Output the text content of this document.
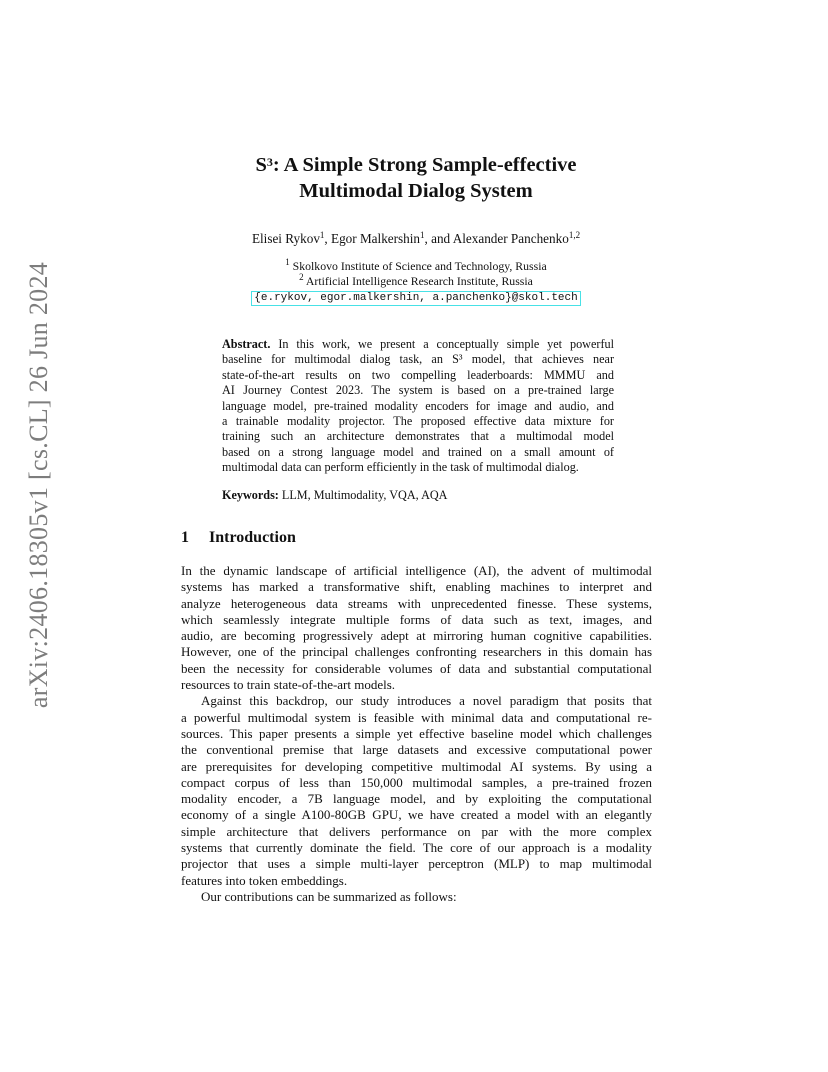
arXiv:2406.18305v1 [cs.CL] 26 Jun 2024
$S^3$: A Simple Strong Sample-effective
Multimodal Dialog System
Elisei Rykov$^1$, Egor Malkershin$^1$, and Alexander Panchenko$^{1,2}$
$^1$ Skolkovo Institute of Science and Technology, Russia
$^2$ Artificial Intelligence Research Institute, Russia
{e.rykov, egor.malkershin, a.panchenko}@skol.tech
Abstract. In this work, we present a conceptually simple yet powerful
baseline for multimodal dialog task, an S³ model, that achieves near
state-of-the-art results on two compelling leaderboards: MMMU and
AI Journey Contest 2023. The system is based on a pre-trained large
language model, pre-trained modality encoders for image and audio, and
a trainable modality projector. The proposed effective data mixture for
training such an architecture demonstrates that a multimodal model
based on a strong language model and trained on a small amount of
multimodal data can perform efficiently in the task of multimodal dialog.
Keywords: LLM, Multimodality, VQA, AQA
1 Introduction
In the dynamic landscape of artificial intelligence (AI), the advent of multimodal
systems has marked a transformative shift, enabling machines to interpret and
analyze heterogeneous data streams with unprecedented finesse. These systems,
which seamlessly integrate multiple forms of data such as text, images, and
audio, are becoming progressively adept at mirroring human cognitive capabilities.
However, one of the principal challenges confronting researchers in this domain has
been the necessity for considerable volumes of data and substantial computational
resources to train state-of-the-art models.
Against this backdrop, our study introduces a novel paradigm that posits that
a powerful multimodal system is feasible with minimal data and computational re-
sources. This paper presents a simple yet effective baseline model which challenges
the conventional premise that large datasets and excessive computational power
are prerequisites for developing competitive multimodal AI systems. By using a
compact corpus of less than 150,000 multimodal samples, a pre-trained frozen
modality encoder, a 7B language model, and by exploiting the computational
economy of a single A100-80GB GPU, we have created a model with an elegantly
simple architecture that delivers performance on par with the more complex
systems that currently dominate the field. The core of our approach is a modality
projector that uses a simple multi-layer perceptron (MLP) to map multimodal
features into token embeddings.
Our contributions can be summarized as follows:
